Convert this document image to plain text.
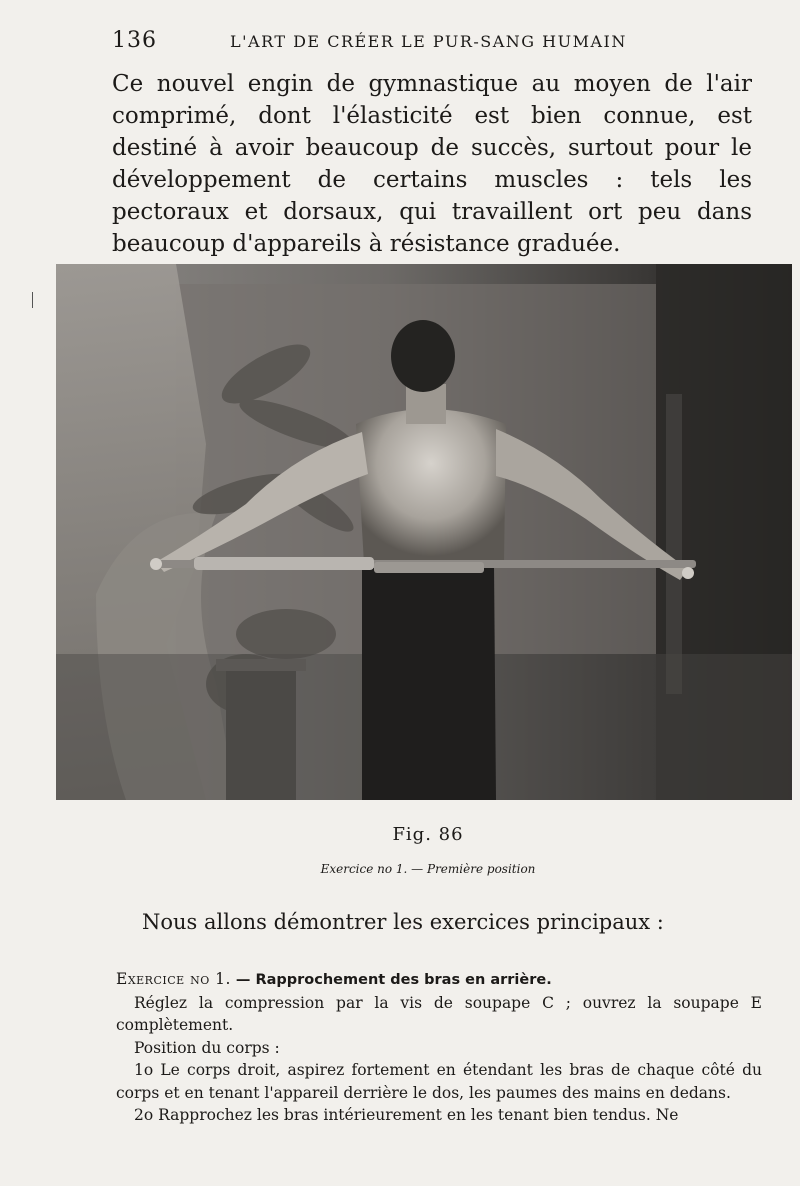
136	L'ART DE CRÉER LE PUR-SANG HUMAIN

Ce nouvel engin de gymnastique au moyen de l'air comprimé, dont l'élasticité est bien connue, est destiné à avoir beaucoup de succès, surtout pour le développement de certains muscles : tels les pectoraux et dorsaux, qui travaillent ort peu dans beaucoup d'appareils à résistance graduée.

Fig. 86
Exercice no 1. — Première position

Nous allons démontrer les exercices principaux :

Exercice no 1. — Rapprochement des bras en arrière.

Réglez la compression par la vis de soupape C ; ouvrez la soupape E complètement.

Position du corps :

1o Le corps droit, aspirez fortement en étendant les bras de chaque côté du corps et en tenant l'appareil derrière le dos, les paumes des mains en dedans.

2o Rapprochez les bras intérieurement en les tenant bien tendus. Ne
